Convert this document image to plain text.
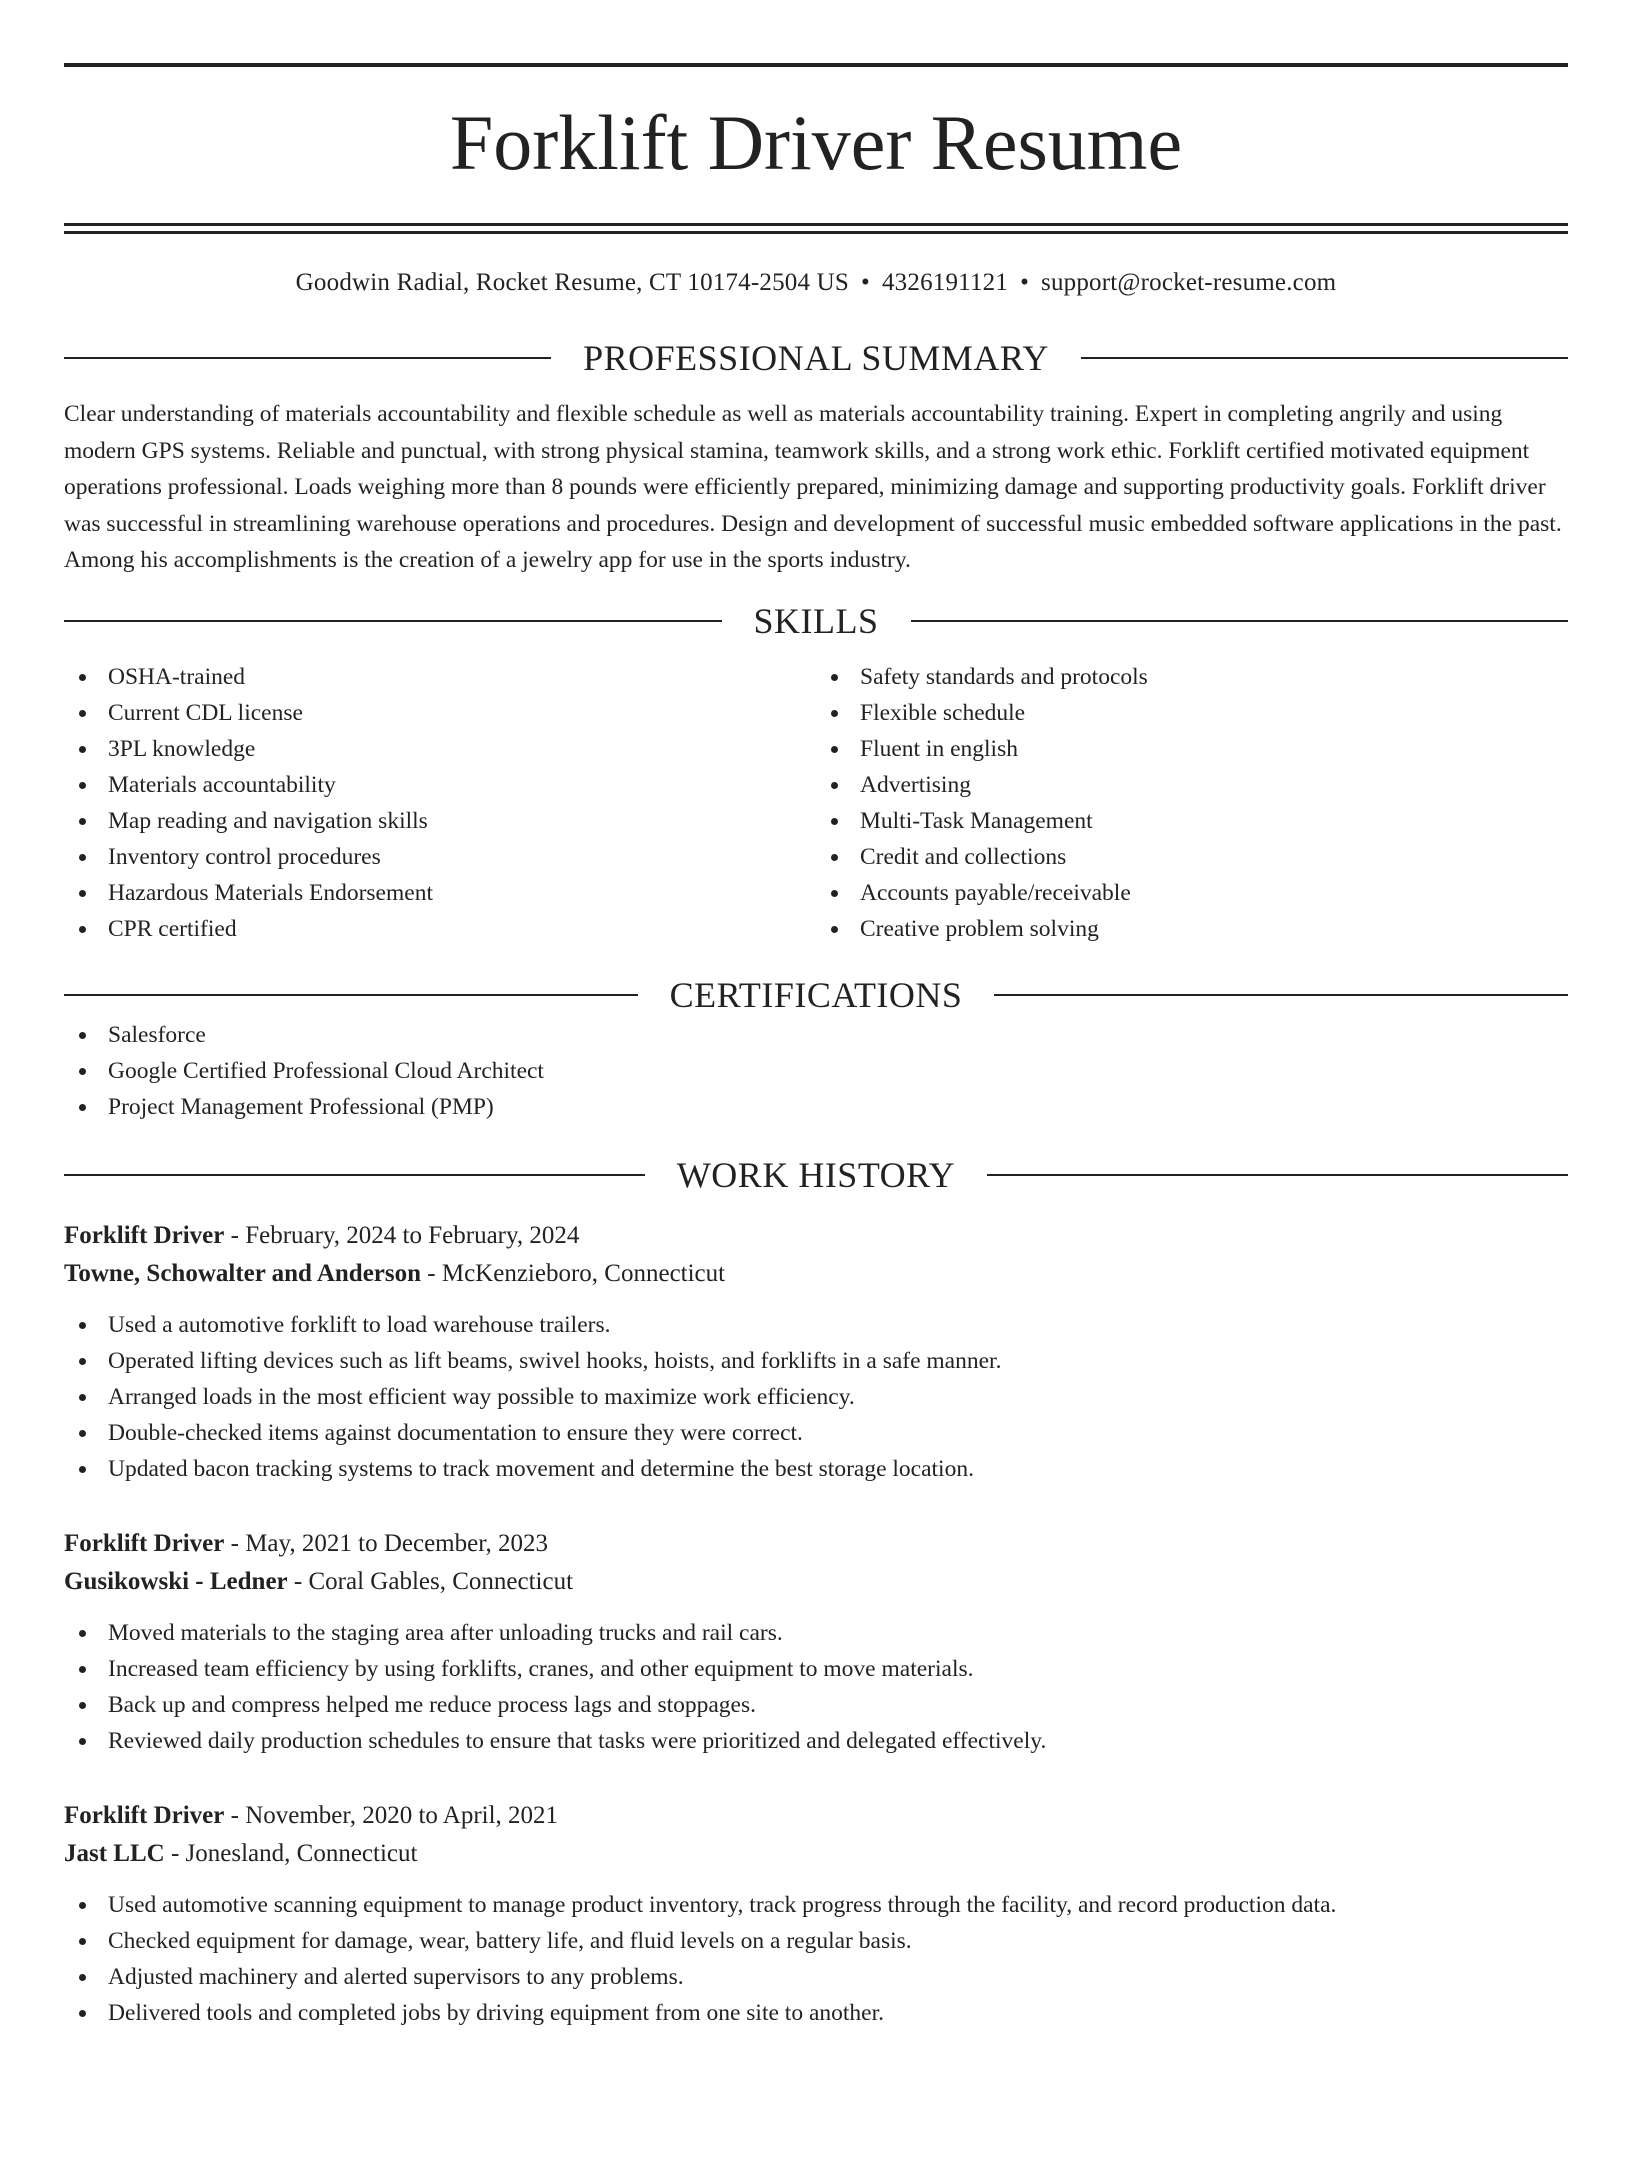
Forklift Driver Resume
Goodwin Radial, Rocket Resume, CT 10174-2504 US • 4326191121 • support@rocket-resume.com
PROFESSIONAL SUMMARY
Clear understanding of materials accountability and flexible schedule as well as materials accountability training. Expert in completing angrily and using modern GPS systems. Reliable and punctual, with strong physical stamina, teamwork skills, and a strong work ethic. Forklift certified motivated equipment operations professional. Loads weighing more than 8 pounds were efficiently prepared, minimizing damage and supporting productivity goals. Forklift driver was successful in streamlining warehouse operations and procedures. Design and development of successful music embedded software applications in the past. Among his accomplishments is the creation of a jewelry app for use in the sports industry.
SKILLS
OSHA-trained
Current CDL license
3PL knowledge
Materials accountability
Map reading and navigation skills
Inventory control procedures
Hazardous Materials Endorsement
CPR certified
Safety standards and protocols
Flexible schedule
Fluent in english
Advertising
Multi-Task Management
Credit and collections
Accounts payable/receivable
Creative problem solving
CERTIFICATIONS
Salesforce
Google Certified Professional Cloud Architect
Project Management Professional (PMP)
WORK HISTORY
Forklift Driver - February, 2024 to February, 2024
Towne, Schowalter and Anderson - McKenzieboro, Connecticut
Used a automotive forklift to load warehouse trailers.
Operated lifting devices such as lift beams, swivel hooks, hoists, and forklifts in a safe manner.
Arranged loads in the most efficient way possible to maximize work efficiency.
Double-checked items against documentation to ensure they were correct.
Updated bacon tracking systems to track movement and determine the best storage location.
Forklift Driver - May, 2021 to December, 2023
Gusikowski - Ledner - Coral Gables, Connecticut
Moved materials to the staging area after unloading trucks and rail cars.
Increased team efficiency by using forklifts, cranes, and other equipment to move materials.
Back up and compress helped me reduce process lags and stoppages.
Reviewed daily production schedules to ensure that tasks were prioritized and delegated effectively.
Forklift Driver - November, 2020 to April, 2021
Jast LLC - Jonesland, Connecticut
Used automotive scanning equipment to manage product inventory, track progress through the facility, and record production data.
Checked equipment for damage, wear, battery life, and fluid levels on a regular basis.
Adjusted machinery and alerted supervisors to any problems.
Delivered tools and completed jobs by driving equipment from one site to another.
